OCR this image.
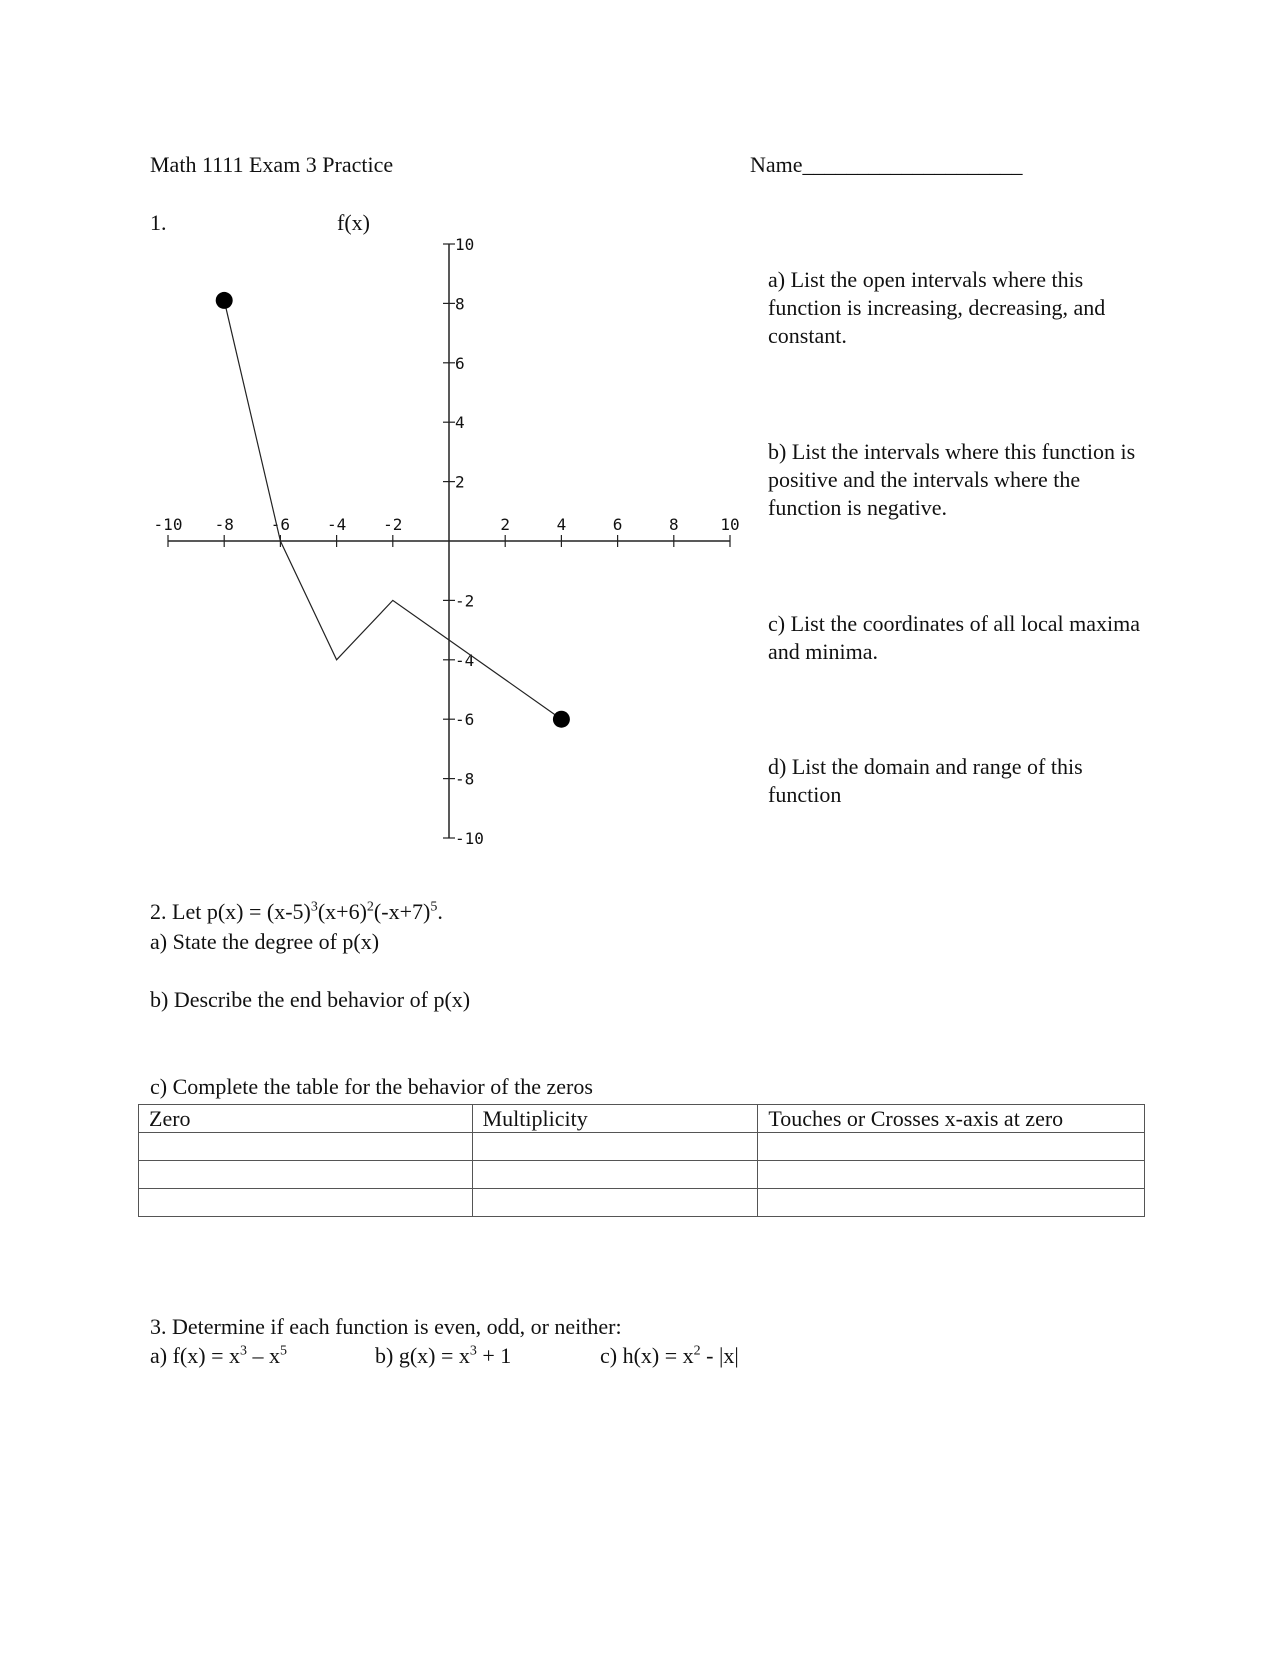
Math 1111 Exam 3 Practice	Name____________________
1.	f(x)
-10 -8 -6 -4 -2	2	4	6	8	10
10
8
6
4
2
-2
-4
-6
-8
-10
a) List the open intervals where this function is increasing, decreasing, and constant.
b) List the intervals where this function is positive and the intervals where the function is negative.
c) List the coordinates of all local maxima and minima.
d) List the domain and range of this function
2. Let $p(x) = (x-5)^3(x+6)^2(-x+7)^5$.
a) State the degree of p(x)
b) Describe the end behavior of p(x)
c) Complete the table for the behavior of the zeros
Zero	Multiplicity	Touches or Crosses x-axis at zero

3. Determine if each function is even, odd, or neither:
a) $f(x) = x^3 - x^5$	b) $g(x) = x^3 + 1$	c) $h(x) = x^2 - |x|$
